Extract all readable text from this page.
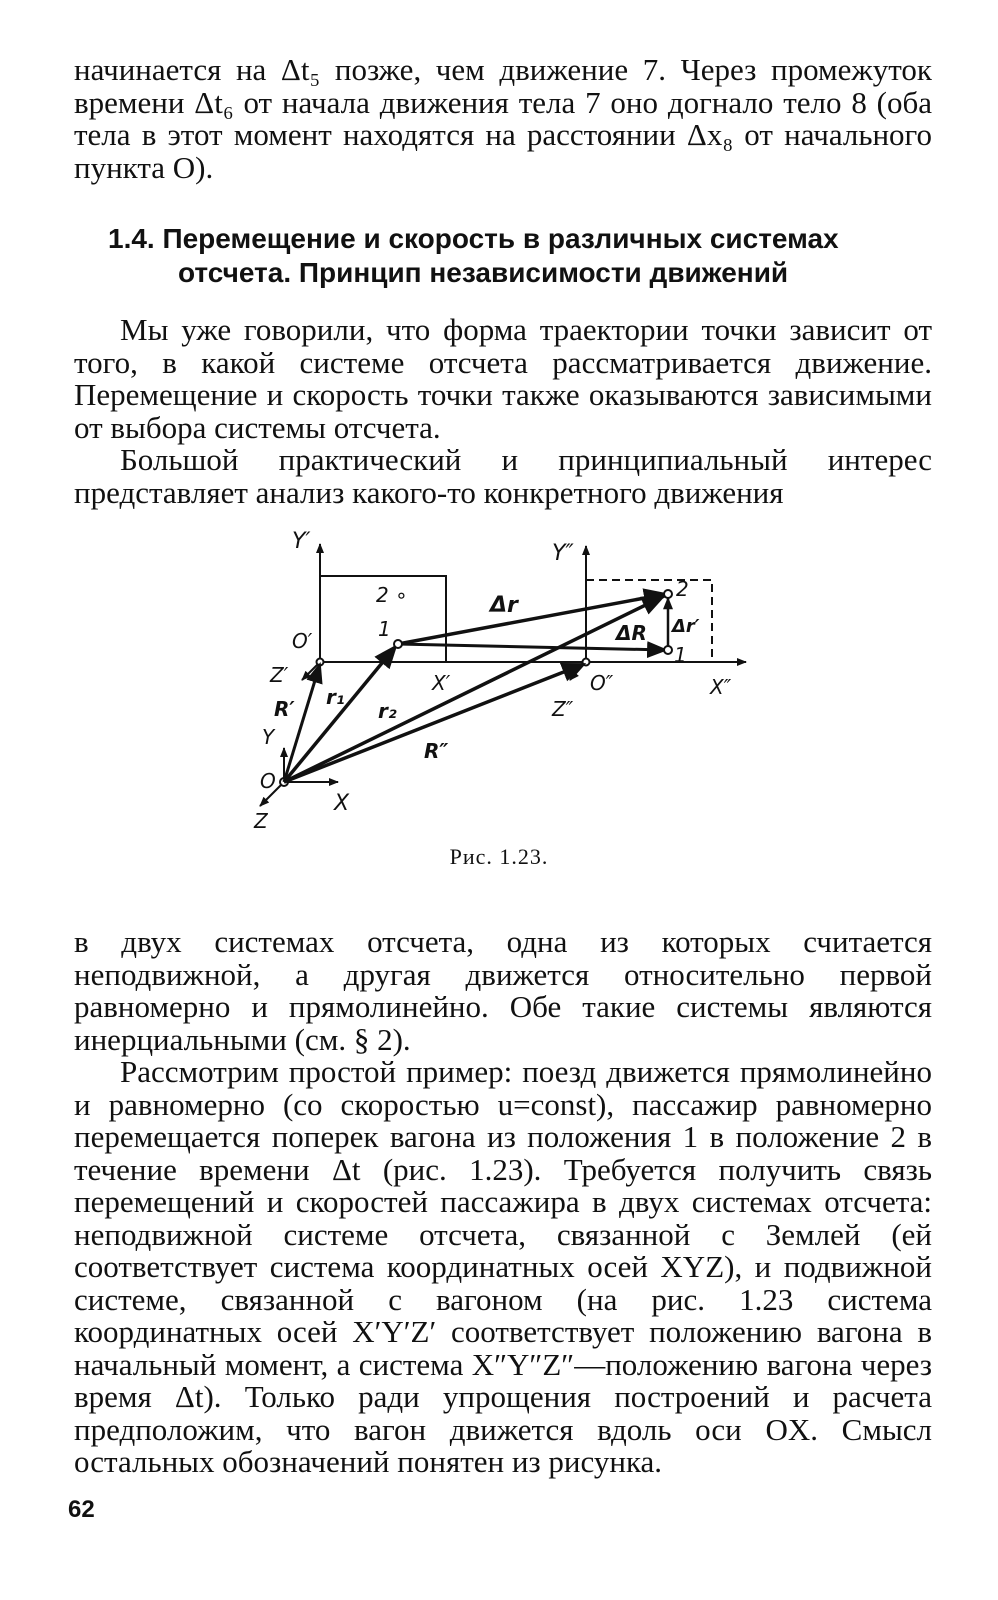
начинается на Δt₅ позже, чем движение 7. Через промежуток времени Δt₆ от начала движения тела 7 оно догнало тело 8 (оба тела в этот момент находятся на расстоянии Δx₈ от начального пункта O).

1.4. Перемещение и скорость в различных системах
отсчета. Принцип независимости движений

Мы уже говорили, что форма траектории точки зависит от того, в какой системе отсчета рассматривается движение. Перемещение и скорость точки также оказываются зависимыми от выбора системы отсчета.

Большой практический и принципиальный интерес представляет анализ какого-то конкретного движения

Y′	Y″
2 ∘
1
Δr
2
ΔR Δr′
1
O′
Z′	X′	O″	X″
Z″
R′ r₁
r₂
R″
Y
O
X
Z
Рис. 1.23.

в двух системах отсчета, одна из которых считается неподвижной, а другая движется относительно первой равномерно и прямолинейно. Обе такие системы являются инерциальными (см. § 2).

Рассмотрим простой пример: поезд движется прямолинейно и равномерно (со скоростью u=const), пассажир равномерно перемещается поперек вагона из положения 1 в положение 2 в течение времени Δt (рис. 1.23). Требуется получить связь перемещений и скоростей пассажира в двух системах отсчета: неподвижной системе отсчета, связанной с Землей (ей соответствует система координатных осей XYZ), и подвижной системе, связанной с вагоном (на рис. 1.23 система координатных осей X′Y′Z′ соответствует положению вагона в начальный момент, а система X″Y″Z″—положению вагона через время Δt). Только ради упрощения построений и расчета предположим, что вагон движется вдоль оси OX. Смысл остальных обозначений понятен из рисунка.

62
